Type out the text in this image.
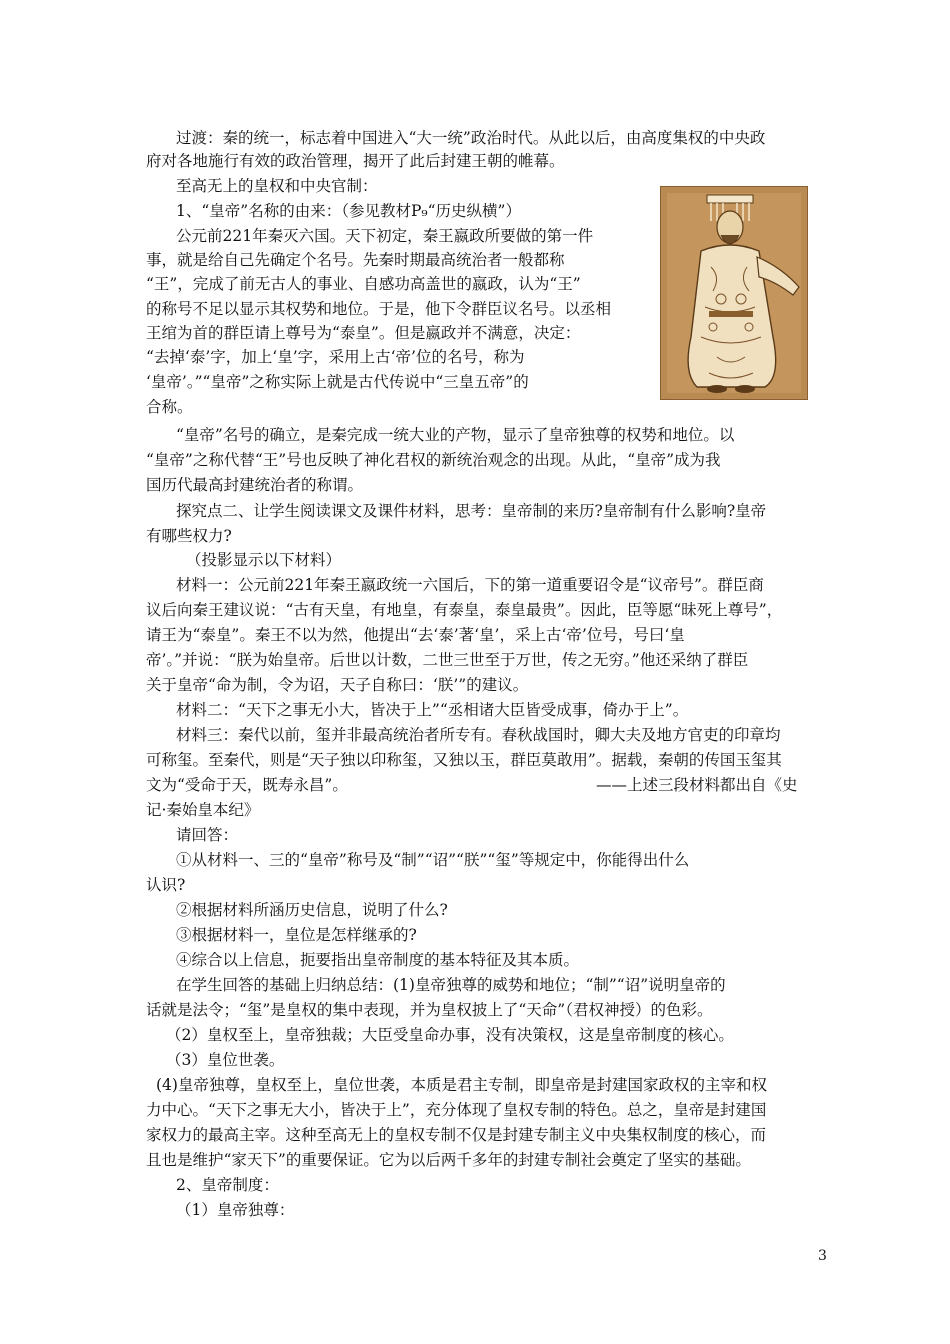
过渡：秦的统一，标志着中国进入“大一统”政治时代。从此以后，由高度集权的中央政
府对各地施行有效的政治管理，揭开了此后封建王朝的帷幕。
至高无上的皇权和中央官制：
1、“皇帝”名称的由来：（参见教材P₉“历史纵横”）
公元前221年秦灭六国。天下初定，秦王嬴政所要做的第一件
事，就是给自己先确定个名号。先秦时期最高统治者一般都称
“王”，完成了前无古人的事业、自感功高盖世的嬴政，认为“王”
的称号不足以显示其权势和地位。于是，他下令群臣议名号。以丞相
王绾为首的群臣请上尊号为“泰皇”。但是嬴政并不满意，决定：
“去掉‘泰’字，加上‘皇’字，采用上古‘帝’位的名号，称为
‘皇帝’。”“皇帝”之称实际上就是古代传说中“三皇五帝”的
合称。
“皇帝”名号的确立，是秦完成一统大业的产物，显示了皇帝独尊的权势和地位。以
“皇帝”之称代替“王”号也反映了神化君权的新统治观念的出现。从此，“皇帝”成为我
国历代最高封建统治者的称谓。
探究点二、让学生阅读课文及课件材料，思考：皇帝制的来历?皇帝制有什么影响?皇帝
有哪些权力?
（投影显示以下材料）
材料一：公元前221年秦王嬴政统一六国后，下的第一道重要诏令是“议帝号”。群臣商
议后向秦王建议说：“古有天皇，有地皇，有泰皇，泰皇最贵”。因此，臣等愿“昧死上尊号”，
请王为“泰皇”。秦王不以为然，他提出“去‘泰’著‘皇’，采上古‘帝’位号，号曰‘皇
帝’。”并说：“朕为始皇帝。后世以计数，二世三世至于万世，传之无穷。”他还采纳了群臣
关于皇帝“命为制，令为诏，天子自称曰：‘朕’”的建议。
材料二：“天下之事无小大，皆决于上”“丞相诸大臣皆受成事，倚办于上”。
材料三：秦代以前，玺并非最高统治者所专有。春秋战国时，卿大夫及地方官吏的印章均
可称玺。至秦代，则是“天子独以印称玺，又独以玉，群臣莫敢用”。据载，秦朝的传国玉玺其
文为“受命于天，既寿永昌”。	——上述三段材料都出自《史
记·秦始皇本纪》
请回答：
①从材料一、三的“皇帝”称号及“制”“诏”“朕”“玺”等规定中，你能得出什么
认识?
②根据材料所涵历史信息，说明了什么?
③根据材料一，皇位是怎样继承的?
④综合以上信息，扼要指出皇帝制度的基本特征及其本质。
在学生回答的基础上归纳总结：(1)皇帝独尊的威势和地位；“制”“诏”说明皇帝的
话就是法令；“玺”是皇权的集中表现，并为皇权披上了“天命”（君权神授）的色彩。
（2）皇权至上，皇帝独裁；大臣受皇命办事，没有决策权，这是皇帝制度的核心。
（3）皇位世袭。
(4)皇帝独尊，皇权至上，皇位世袭，本质是君主专制，即皇帝是封建国家政权的主宰和权
力中心。“天下之事无大小，皆决于上”，充分体现了皇权专制的特色。总之，皇帝是封建国
家权力的最高主宰。这种至高无上的皇权专制不仅是封建专制主义中央集权制度的核心，而
且也是维护“家天下”的重要保证。它为以后两千多年的封建专制社会奠定了坚实的基础。
2、皇帝制度：
（1）皇帝独尊：
3
